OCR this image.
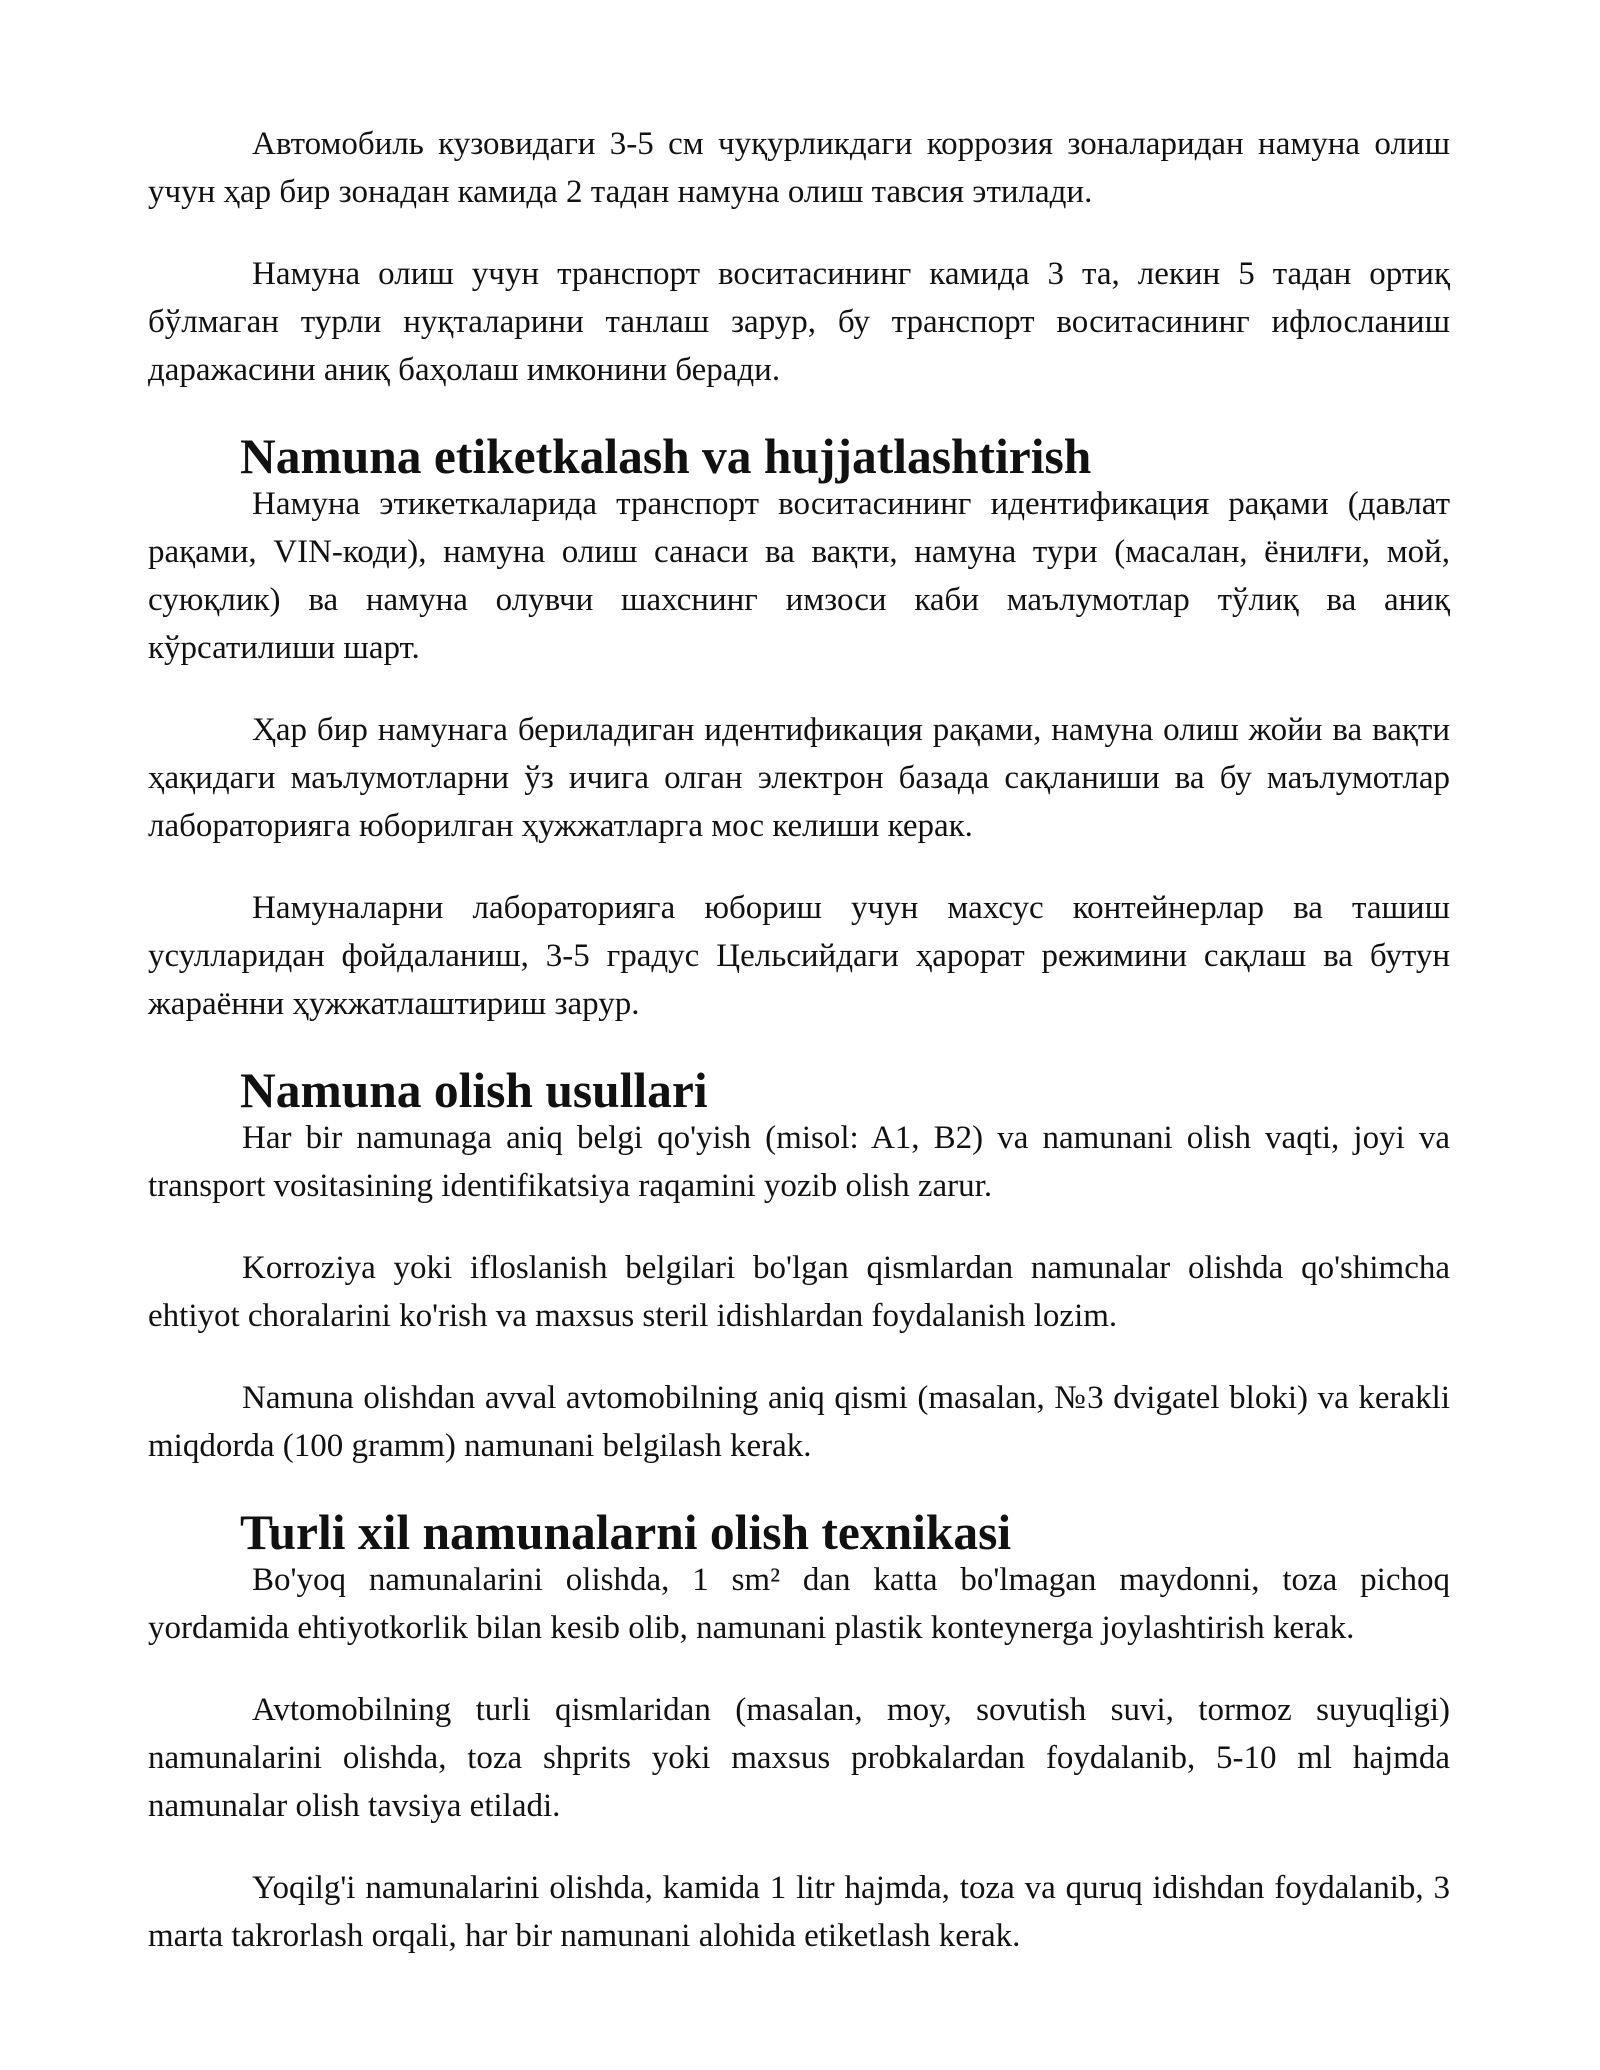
Автомобиль кузовидаги 3-5 см чуқурликдаги коррозия зоналаридан намуна олиш учун ҳар бир зонадан камида 2 тадан намуна олиш тавсия этилади.

Намуна олиш учун транспорт воситасининг камида 3 та, лекин 5 тадан ортиқ бўлмаган турли нуқталарини танлаш зарур, бу транспорт воситасининг ифлосланиш даражасини аниқ баҳолаш имконини беради.

Namuna etiketkalash va hujjatlashtirish

Намуна этикеткаларида транспорт воситасининг идентификация рақами (давлат рақами, VIN-коди), намуна олиш санаси ва вақти, намуна тури (масалан, ёнилғи, мой, суюқлик) ва намуна олувчи шахснинг имзоси каби маълумотлар тўлиқ ва аниқ кўрсатилиши шарт.

Ҳар бир намунага бериладиган идентификация рақами, намуна олиш жойи ва вақти ҳақидаги маълумотларни ўз ичига олган электрон базада сақланиши ва бу маълумотлар лабораторияга юборилган ҳужжатларга мос келиши керак.

Намуналарни лабораторияга юбориш учун махсус контейнерлар ва ташиш усулларидан фойдаланиш, 3-5 градус Цельсийдаги ҳарорат режимини сақлаш ва бутун жараённи ҳужжатлаштириш зарур.

Namuna olish usullari

Har bir namunaga aniq belgi qo'yish (misol: A1, B2) va namunani olish vaqti, joyi va transport vositasining identifikatsiya raqamini yozib olish zarur.

Korroziya yoki ifloslanish belgilari bo'lgan qismlardan namunalar olishda qo'shimcha ehtiyot choralarini ko'rish va maxsus steril idishlardan foydalanish lozim.

Namuna olishdan avval avtomobilning aniq qismi (masalan, №3 dvigatel bloki) va kerakli miqdorda (100 gramm) namunani belgilash kerak.

Turli xil namunalarni olish texnikasi

Bo'yoq namunalarini olishda, 1 sm² dan katta bo'lmagan maydonni, toza pichoq yordamida ehtiyotkorlik bilan kesib olib, namunani plastik konteynerga joylashtirish kerak.

Avtomobilning turli qismlaridan (masalan, moy, sovutish suvi, tormoz suyuqligi) namunalarini olishda, toza shprits yoki maxsus probkalardan foydalanib, 5-10 ml hajmda namunalar olish tavsiya etiladi.

Yoqilg'i namunalarini olishda, kamida 1 litr hajmda, toza va quruq idishdan foydalanib, 3 marta takrorlash orqali, har bir namunani alohida etiketlash kerak.
